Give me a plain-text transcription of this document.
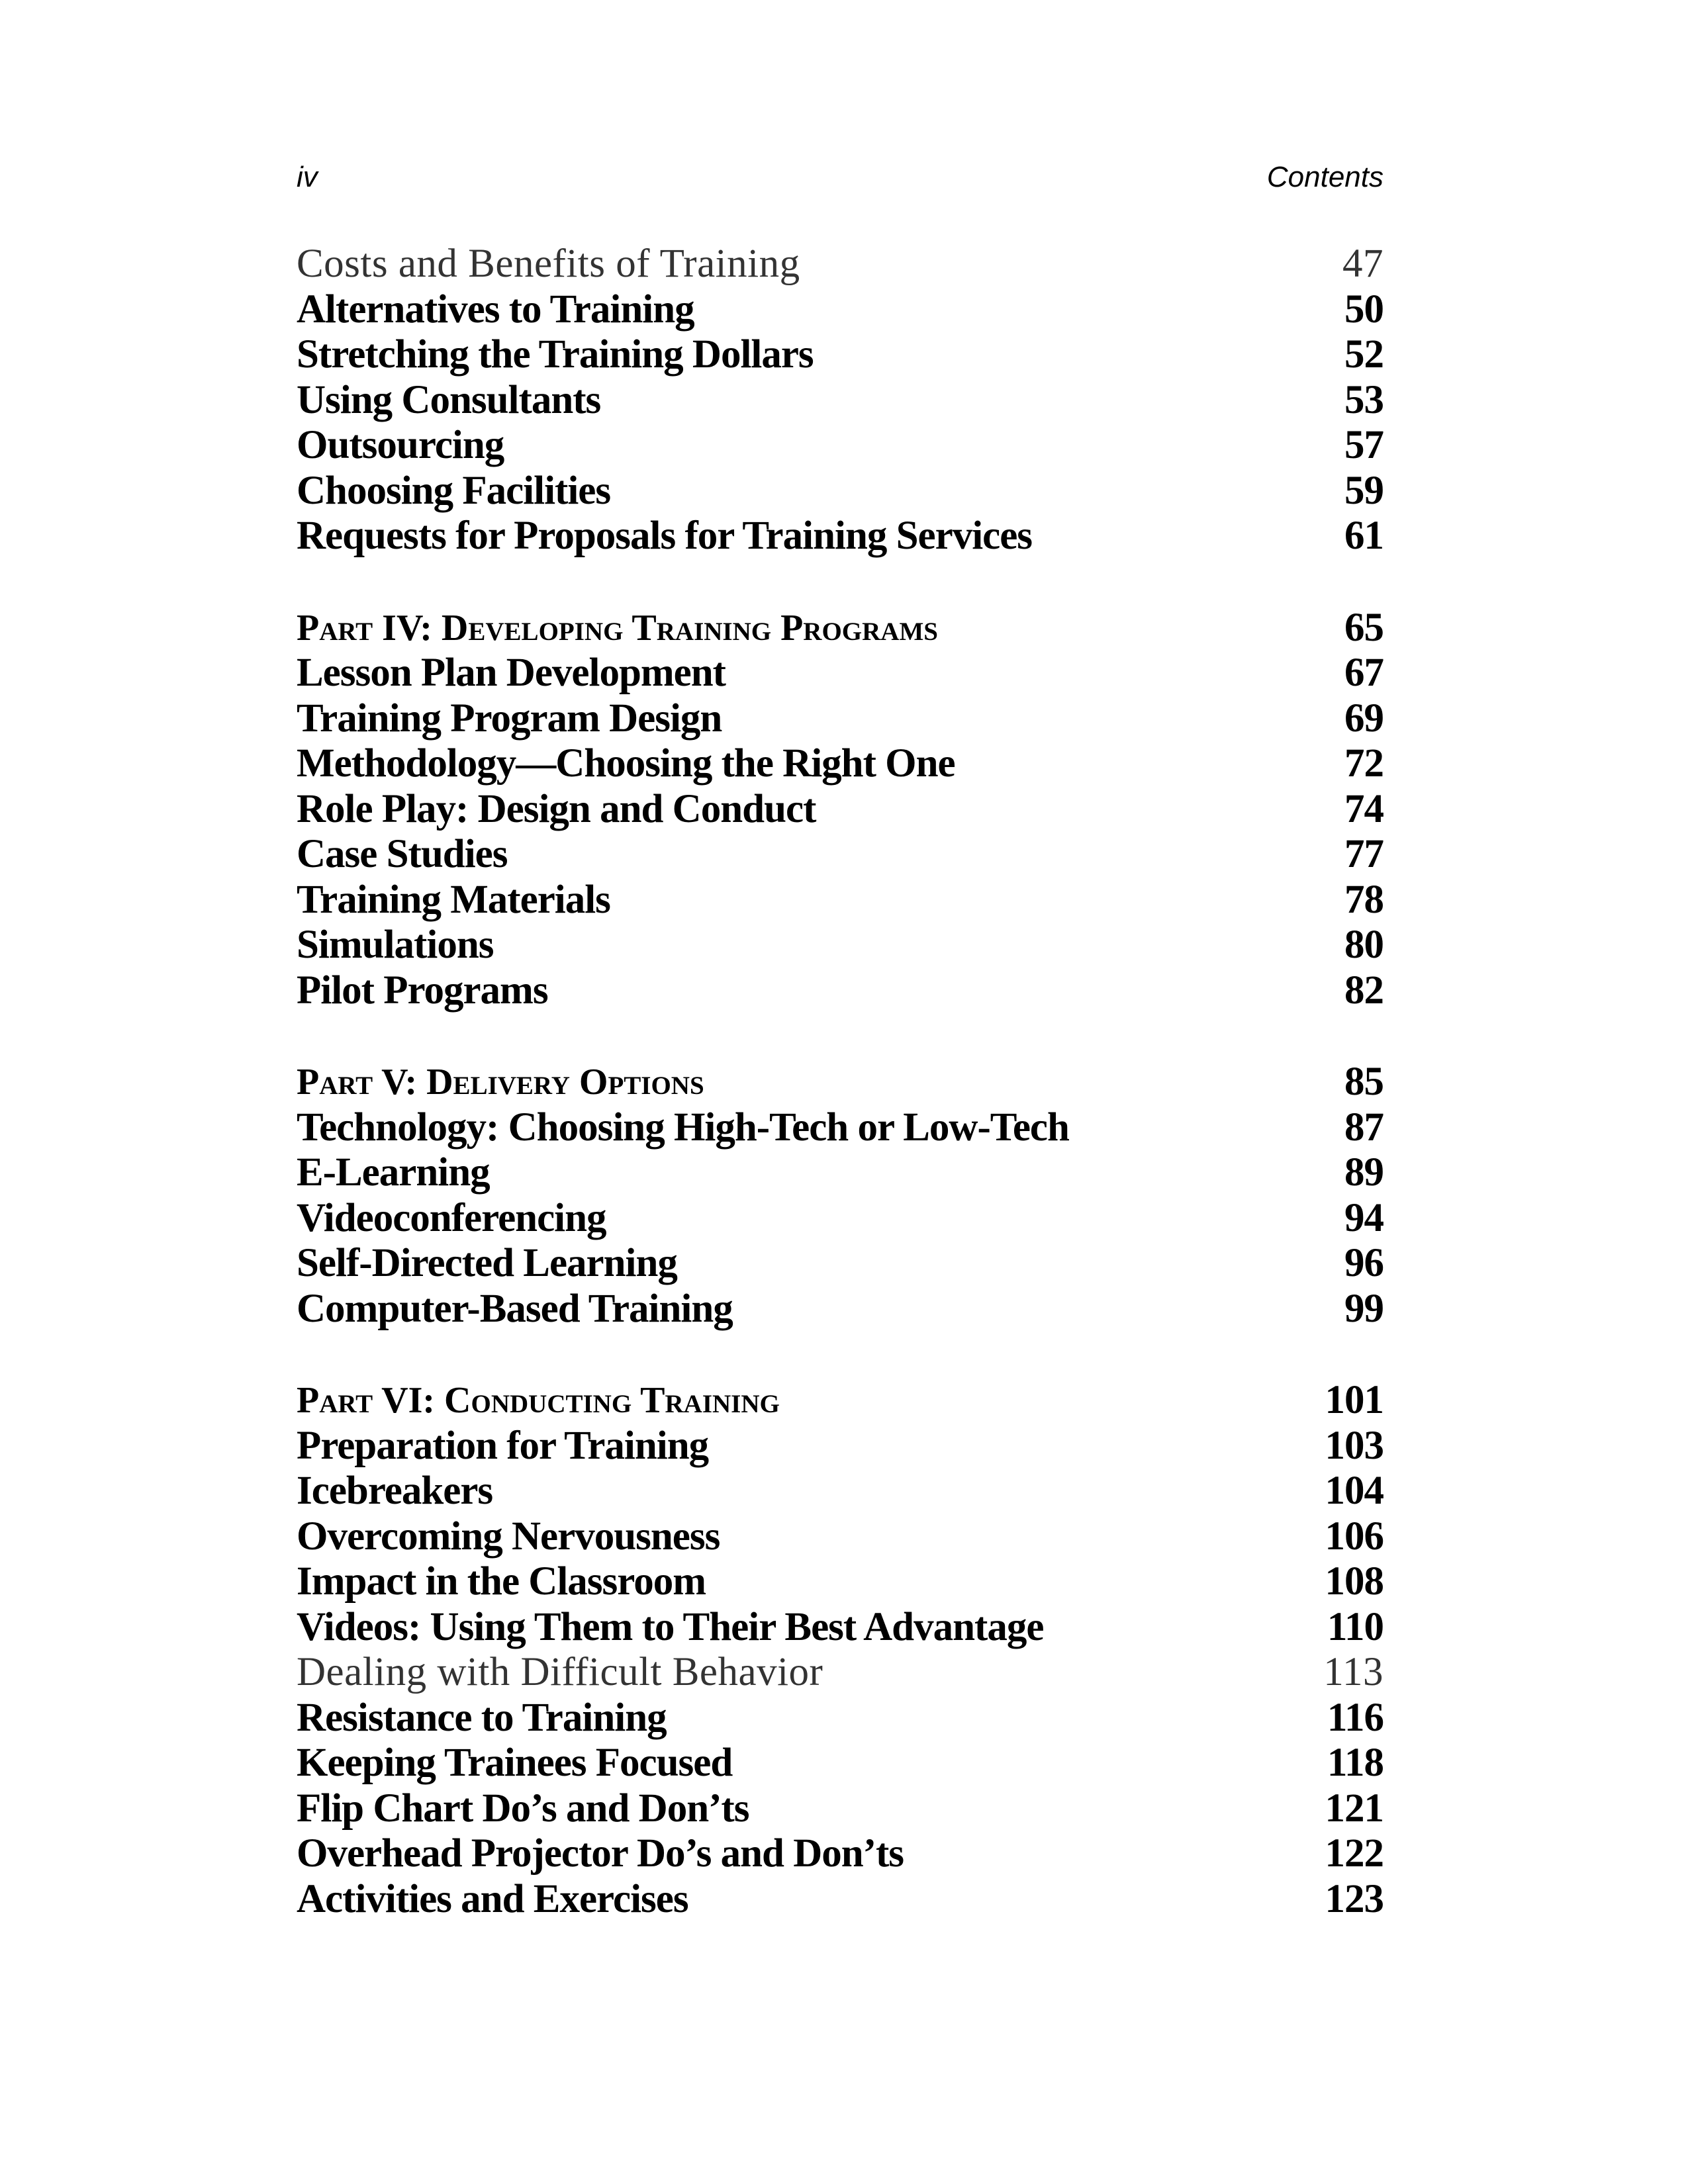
iv	Contents
Costs and Benefits of Training	47
Alternatives to Training	50
Stretching the Training Dollars	52
Using Consultants	53
Outsourcing	57
Choosing Facilities	59
Requests for Proposals for Training Services	61
Part IV: Developing Training Programs	65
Lesson Plan Development	67
Training Program Design	69
Methodology—Choosing the Right One	72
Role Play: Design and Conduct	74
Case Studies	77
Training Materials	78
Simulations	80
Pilot Programs	82
Part V: Delivery Options	85
Technology: Choosing High-Tech or Low-Tech	87
E-Learning	89
Videoconferencing	94
Self-Directed Learning	96
Computer-Based Training	99
Part VI: Conducting Training	101
Preparation for Training	103
Icebreakers	104
Overcoming Nervousness	106
Impact in the Classroom	108
Videos: Using Them to Their Best Advantage	110
Dealing with Difficult Behavior	113
Resistance to Training	116
Keeping Trainees Focused	118
Flip Chart Do’s and Don’ts	121
Overhead Projector Do’s and Don’ts	122
Activities and Exercises	123
